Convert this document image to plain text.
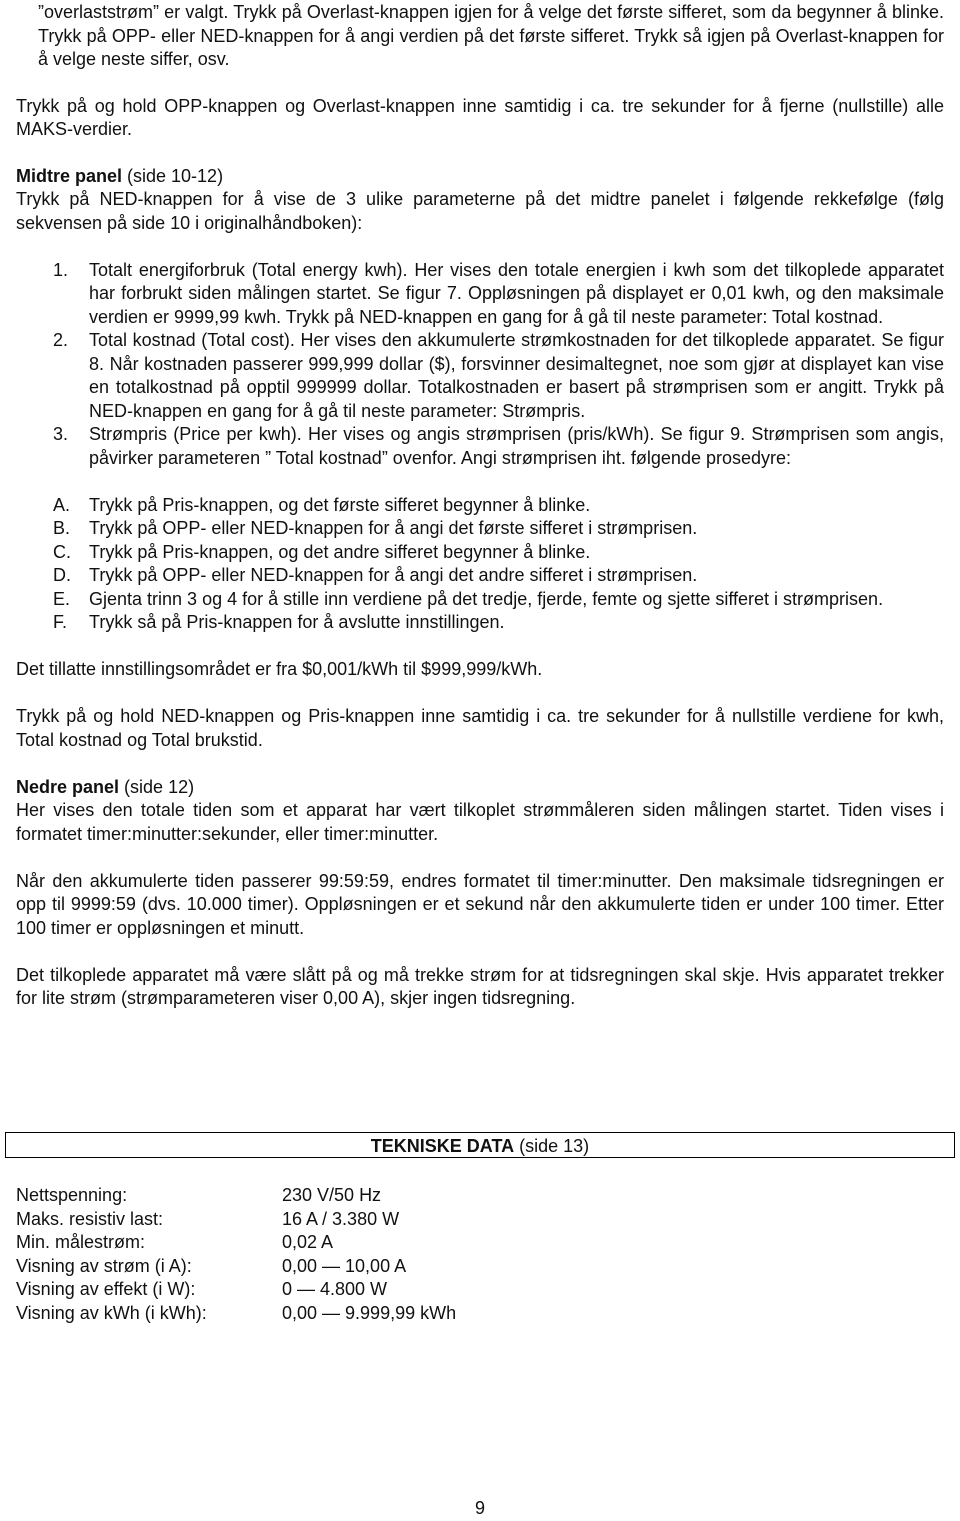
”overlaststrøm” er valgt. Trykk på Overlast-knappen igjen for å velge det første sifferet, som da begynner å blinke. Trykk på OPP- eller NED-knappen for å angi verdien på det første sifferet. Trykk så igjen på Overlast-knappen for å velge neste siffer, osv.

Trykk på og hold OPP-knappen og Overlast-knappen inne samtidig i ca. tre sekunder for å fjerne (nullstille) alle MAKS-verdier.

Midtre panel (side 10-12)

Trykk på NED-knappen for å vise de 3 ulike parameterne på det midtre panelet i følgende rekkefølge (følg sekvensen på side 10 i originalhåndboken):

1. Totalt energiforbruk (Total energy kwh). Her vises den totale energien i kwh som det tilkoplede apparatet har forbrukt siden målingen startet. Se figur 7. Oppløsningen på displayet er 0,01 kwh, og den maksimale verdien er 9999,99 kwh. Trykk på NED-knappen en gang for å gå til neste parameter: Total kostnad.
2. Total kostnad (Total cost). Her vises den akkumulerte strømkostnaden for det tilkoplede apparatet. Se figur 8. Når kostnaden passerer 999,999 dollar ($), forsvinner desimaltegnet, noe som gjør at displayet kan vise en totalkostnad på opptil 999999 dollar. Totalkostnaden er basert på strømprisen som er angitt. Trykk på NED-knappen en gang for å gå til neste parameter: Strømpris.
3. Strømpris (Price per kwh). Her vises og angis strømprisen (pris/kWh). Se figur 9. Strømprisen som angis, påvirker parameteren ” Total kostnad” ovenfor. Angi strømprisen iht. følgende prosedyre:
A. Trykk på Pris-knappen, og det første sifferet begynner å blinke.
B. Trykk på OPP- eller NED-knappen for å angi det første sifferet i strømprisen.
C. Trykk på Pris-knappen, og det andre sifferet begynner å blinke.
D. Trykk på OPP- eller NED-knappen for å angi det andre sifferet i strømprisen.
E. Gjenta trinn 3 og 4 for å stille inn verdiene på det tredje, fjerde, femte og sjette sifferet i strømprisen.
F. Trykk så på Pris-knappen for å avslutte innstillingen.

Det tillatte innstillingsområdet er fra $0,001/kWh til $999,999/kWh.

Trykk på og hold NED-knappen og Pris-knappen inne samtidig i ca. tre sekunder for å nullstille verdiene for kwh, Total kostnad og Total brukstid.

Nedre panel (side 12)

Her vises den totale tiden som et apparat har vært tilkoplet strømmåleren siden målingen startet. Tiden vises i formatet timer:minutter:sekunder, eller timer:minutter.

Når den akkumulerte tiden passerer 99:59:59, endres formatet til timer:minutter. Den maksimale tidsregningen er opp til 9999:59 (dvs. 10.000 timer). Oppløsningen er et sekund når den akkumulerte tiden er under 100 timer. Etter 100 timer er oppløsningen et minutt.

Det tilkoplede apparatet må være slått på og må trekke strøm for at tidsregningen skal skje. Hvis apparatet trekker for lite strøm (strømparameteren viser 0,00 A), skjer ingen tidsregning.

TEKNISKE DATA (side 13)
Nettspenning:	230 V/50 Hz
Maks. resistiv last:	16 A / 3.380 W
Min. målestrøm:	0,02 A
Visning av strøm (i A):	0,00 — 10,00 A
Visning av effekt (i W):	0 — 4.800 W
Visning av kWh (i kWh):	0,00 — 9.999,99 kWh
9
